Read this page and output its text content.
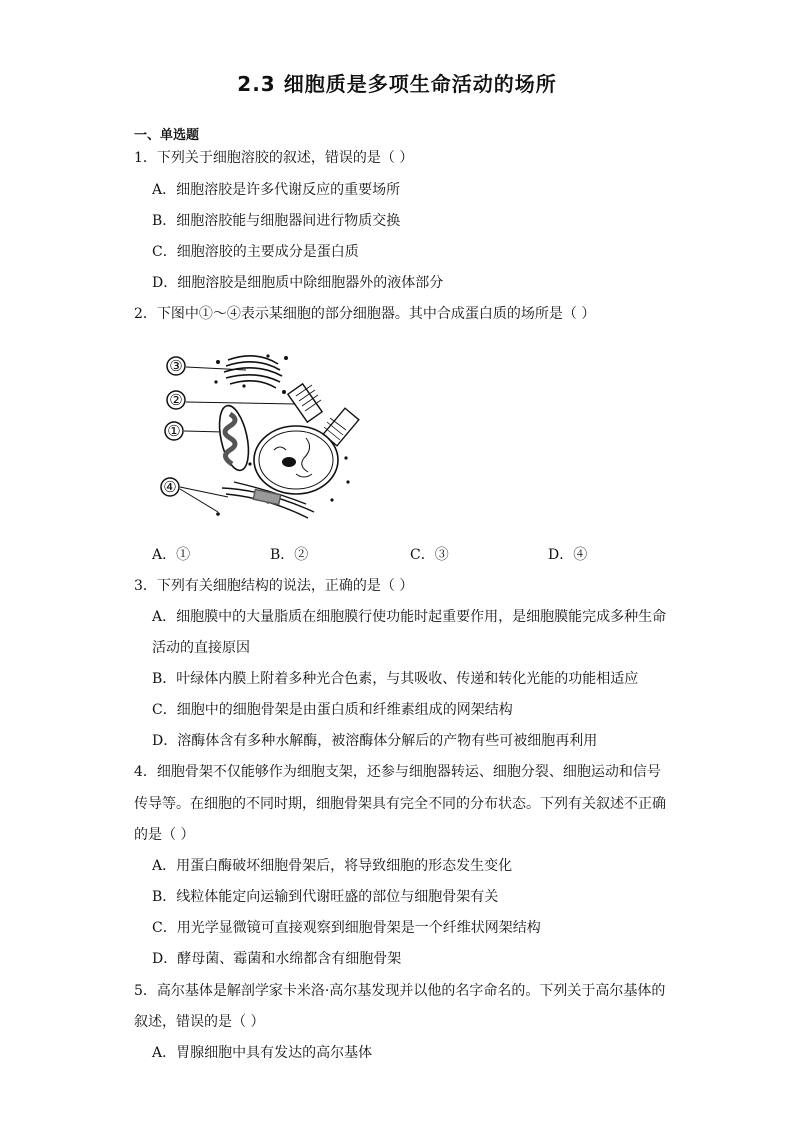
2.3 细胞质是多项生命活动的场所
一、单选题
1．下列关于细胞溶胶的叙述，错误的是（ ）
A．细胞溶胶是许多代谢反应的重要场所
B．细胞溶胶能与细胞器间进行物质交换
C．细胞溶胶的主要成分是蛋白质
D．细胞溶胶是细胞质中除细胞器外的液体部分
2．下图中①～④表示某细胞的部分细胞器。其中合成蛋白质的场所是（ ）
③
②
①
④
A．①	B．②	C．③	D．④
3．下列有关细胞结构的说法，正确的是（ ）
A．细胞膜中的大量脂质在细胞膜行使功能时起重要作用，是细胞膜能完成多种生命
活动的直接原因
B．叶绿体内膜上附着多种光合色素，与其吸收、传递和转化光能的功能相适应
C．细胞中的细胞骨架是由蛋白质和纤维素组成的网架结构
D．溶酶体含有多种水解酶，被溶酶体分解后的产物有些可被细胞再利用
4．细胞骨架不仅能够作为细胞支架，还参与细胞器转运、细胞分裂、细胞运动和信号
传导等。在细胞的不同时期，细胞骨架具有完全不同的分布状态。下列有关叙述不正确
的是（ ）
A．用蛋白酶破坏细胞骨架后，将导致细胞的形态发生变化
B．线粒体能定向运输到代谢旺盛的部位与细胞骨架有关
C．用光学显微镜可直接观察到细胞骨架是一个纤维状网架结构
D．酵母菌、霉菌和水绵都含有细胞骨架
5．高尔基体是解剖学家卡米洛·高尔基发现并以他的名字命名的。下列关于高尔基体的
叙述，错误的是（ ）
A．胃腺细胞中具有发达的高尔基体
